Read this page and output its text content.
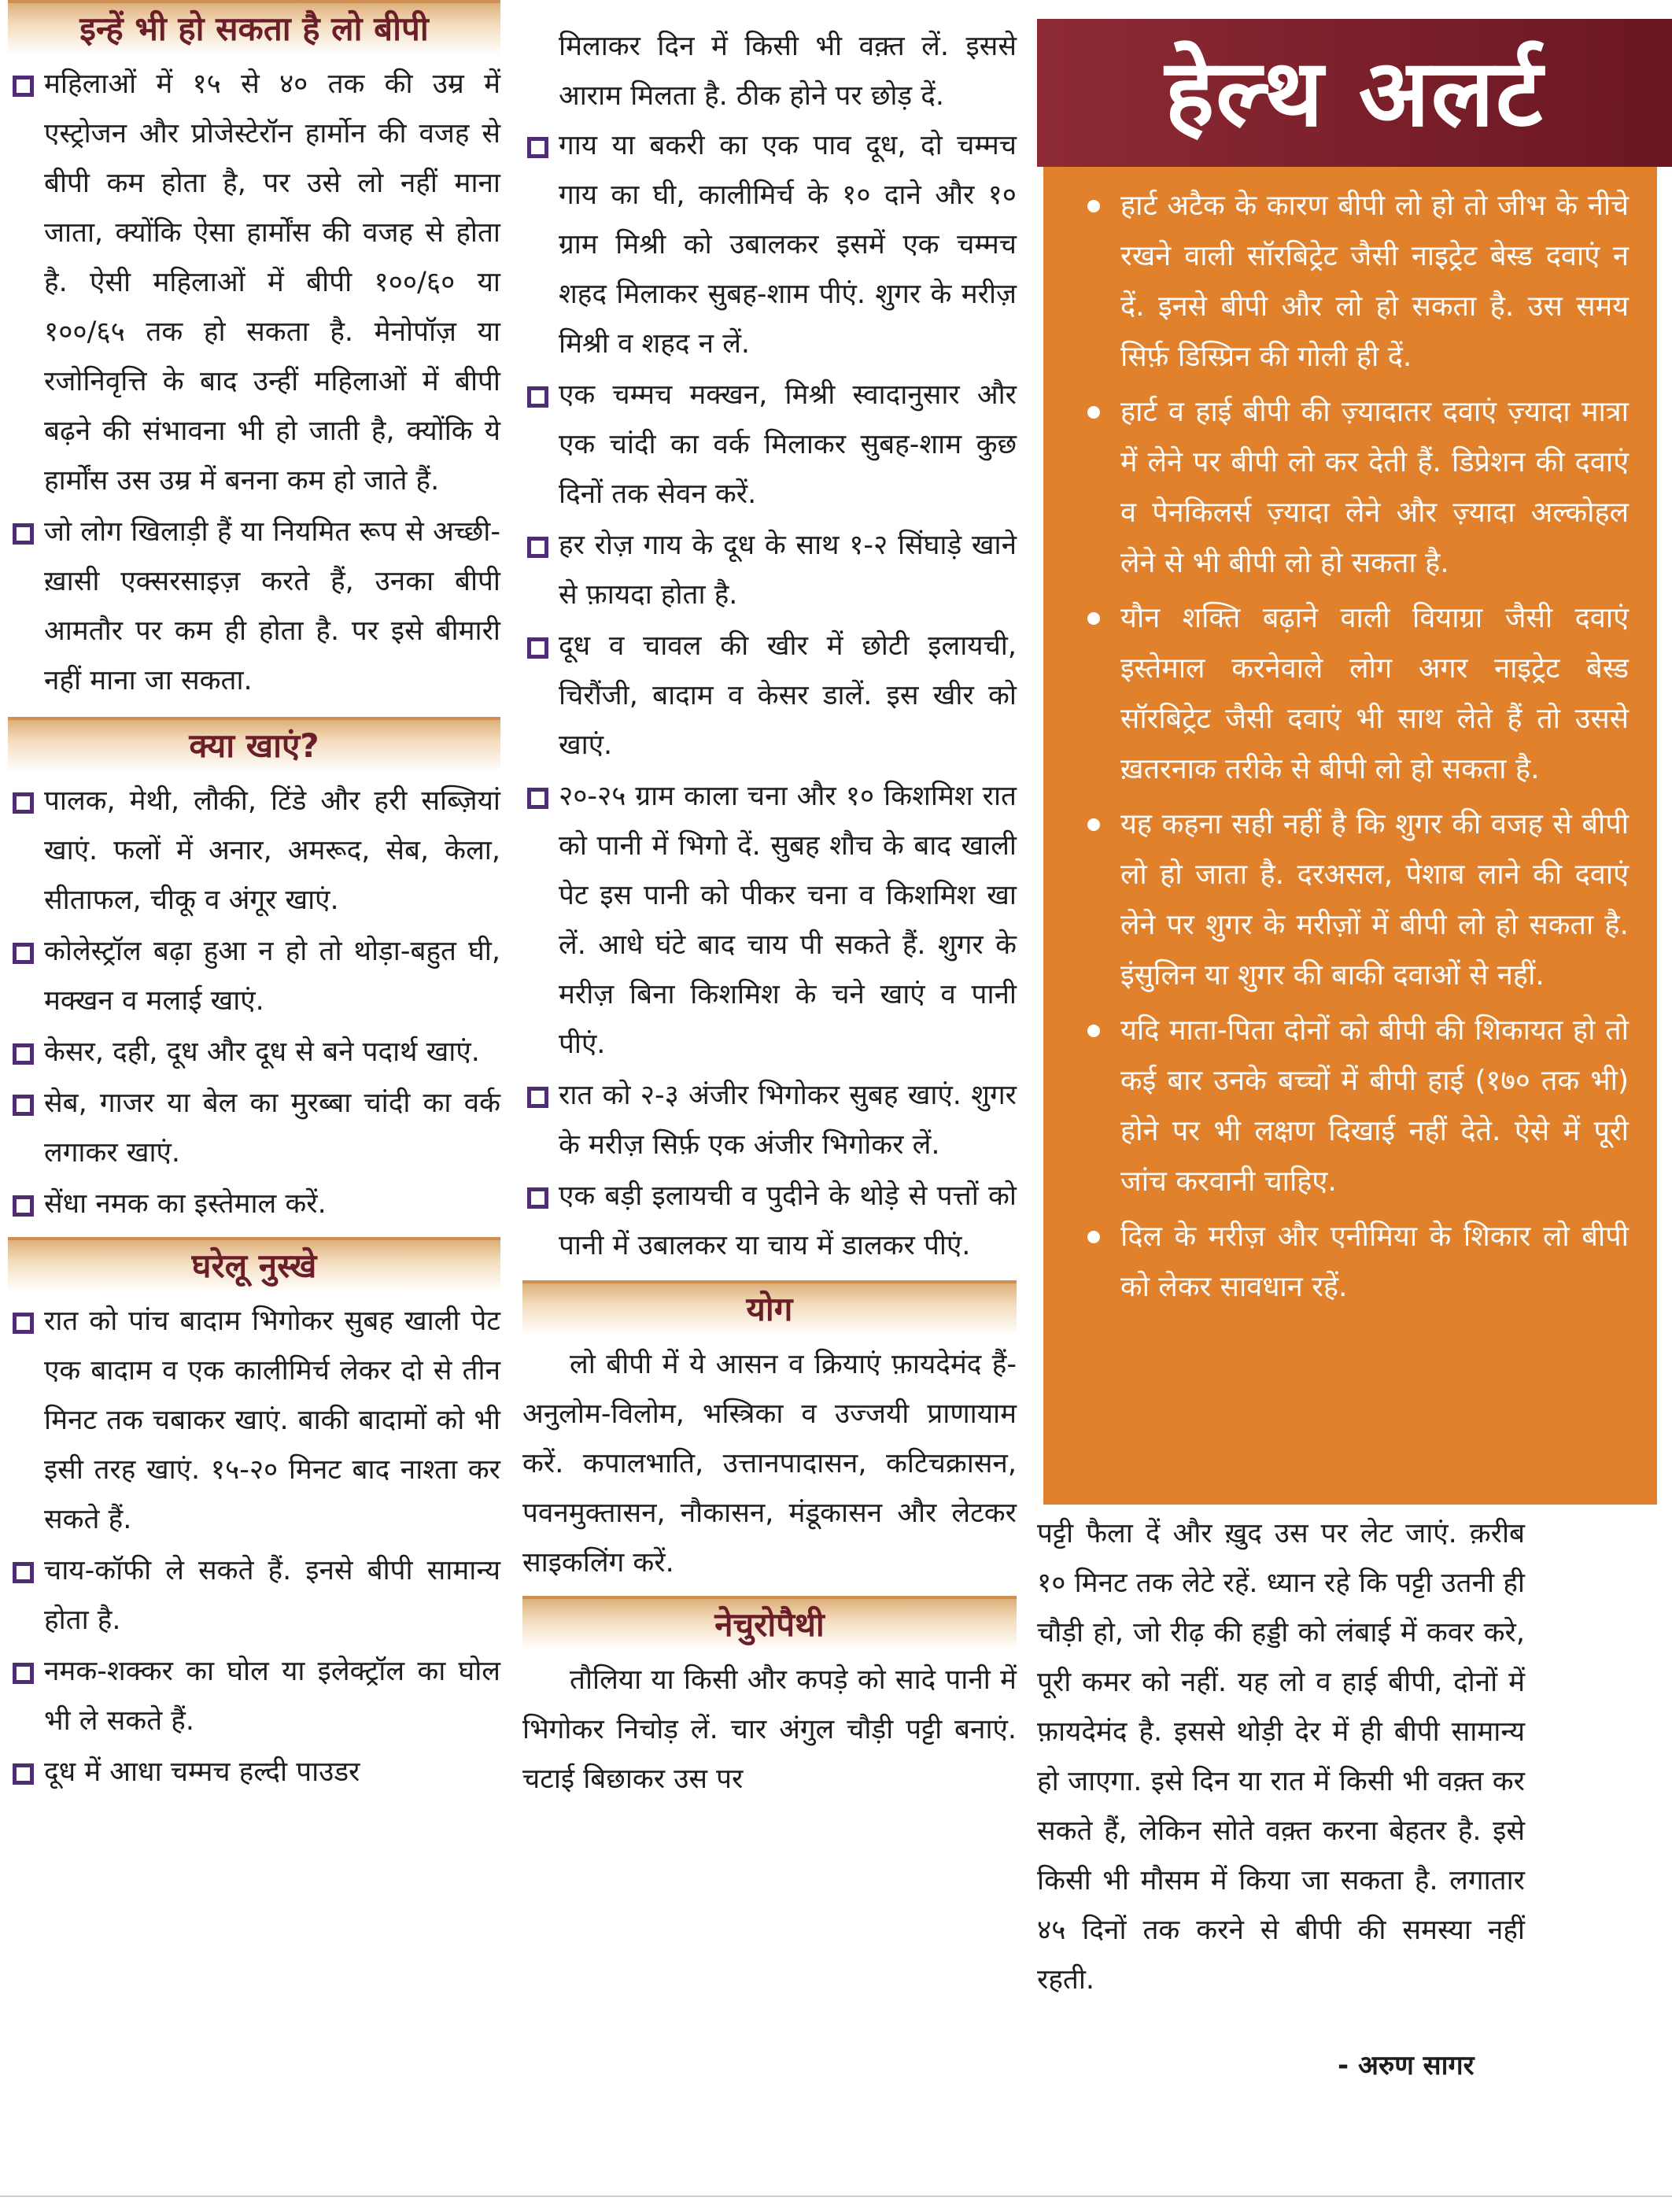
इन्हें भी हो सकता है लो बीपी
महिलाओं में १५ से ४० तक की उम्र में एस्ट्रोजन और प्रोजेस्टेरॉन हार्मोन की वजह से बीपी कम होता है, पर उसे लो नहीं माना जाता, क्योंकि ऐसा हार्मोंस की वजह से होता है. ऐसी महिलाओं में बीपी १००/६० या १००/६५ तक हो सकता है. मेनोपॉज़ या रजोनिवृत्ति के बाद उन्हीं महिलाओं में बीपी बढ़ने की संभावना भी हो जाती है, क्योंकि ये हार्मोंस उस उम्र में बनना कम हो जाते हैं.
जो लोग खिलाड़ी हैं या नियमित रूप से अच्छी-ख़ासी एक्सरसाइज़ करते हैं, उनका बीपी आमतौर पर कम ही होता है. पर इसे बीमारी नहीं माना जा सकता.
क्या खाएं?
पालक, मेथी, लौकी, टिंडे और हरी सब्ज़ियां खाएं. फलों में अनार, अमरूद, सेब, केला, सीताफल, चीकू व अंगूर खाएं.
कोलेस्ट्रॉल बढ़ा हुआ न हो तो थोड़ा-बहुत घी, मक्खन व मलाई खाएं.
केसर, दही, दूध और दूध से बने पदार्थ खाएं.
सेब, गाजर या बेल का मुरब्बा चांदी का वर्क लगाकर खाएं.
सेंधा नमक का इस्तेमाल करें.
घरेलू नुस्खे
रात को पांच बादाम भिगोकर सुबह खाली पेट एक बादाम व एक कालीमिर्च लेकर दो से तीन मिनट तक चबाकर खाएं. बाकी बादामों को भी इसी तरह खाएं. १५-२० मिनट बाद नाश्ता कर सकते हैं.
चाय-कॉफी ले सकते हैं. इनसे बीपी सामान्य होता है.
नमक-शक्कर का घोल या इलेक्ट्रॉल का घोल भी ले सकते हैं.
दूध में आधा चम्मच हल्दी पाउडर

मिलाकर दिन में किसी भी वक़्त लें. इससे आराम मिलता है. ठीक होने पर छोड़ दें.

गाय या बकरी का एक पाव दूध, दो चम्मच गाय का घी, कालीमिर्च के १० दाने और १० ग्राम मिश्री को उबालकर इसमें एक चम्मच शहद मिलाकर सुबह-शाम पीएं. शुगर के मरीज़ मिश्री व शहद न लें.
एक चम्मच मक्खन, मिश्री स्वादानुसार और एक चांदी का वर्क मिलाकर सुबह-शाम कुछ दिनों तक सेवन करें.
हर रोज़ गाय के दूध के साथ १-२ सिंघाड़े खाने से फ़ायदा होता है.
दूध व चावल की खीर में छोटी इलायची, चिरौंजी, बादाम व केसर डालें. इस खीर को खाएं.
२०-२५ ग्राम काला चना और १० किशमिश रात को पानी में भिगो दें. सुबह शौच के बाद खाली पेट इस पानी को पीकर चना व किशमिश खा लें. आधे घंटे बाद चाय पी सकते हैं. शुगर के मरीज़ बिना किशमिश के चने खाएं व पानी पीएं.
रात को २-३ अंजीर भिगोकर सुबह खाएं. शुगर के मरीज़ सिर्फ़ एक अंजीर भिगोकर लें.
एक बड़ी इलायची व पुदीने के थोड़े से पत्तों को पानी में उबालकर या चाय में डालकर पीएं.
योग

लो बीपी में ये आसन व क्रियाएं फ़ायदेमंद हैं- अनुलोम-विलोम, भस्त्रिका व उज्जयी प्राणायाम करें. कपालभाति, उत्तानपादासन, कटिचक्रासन, पवनमुक्तासन, नौकासन, मंडूकासन और लेटकर साइकलिंग करें.

नेचुरोपैथी

तौलिया या किसी और कपड़े को सादे पानी में भिगोकर निचोड़ लें. चार अंगुल चौड़ी पट्टी बनाएं. चटाई बिछाकर उस पर

हेल्थ अलर्ट
हार्ट अटैक के कारण बीपी लो हो तो जीभ के नीचे रखने वाली सॉरबिट्रेट जैसी नाइट्रेट बेस्ड दवाएं न दें. इनसे बीपी और लो हो सकता है. उस समय सिर्फ़ डिस्प्रिन की गोली ही दें.
हार्ट व हाई बीपी की ज़्यादातर दवाएं ज़्यादा मात्रा में लेने पर बीपी लो कर देती हैं. डिप्रेशन की दवाएं व पेनकिलर्स ज़्यादा लेने और ज़्यादा अल्कोहल लेने से भी बीपी लो हो सकता है.
यौन शक्ति बढ़ाने वाली वियाग्रा जैसी दवाएं इस्तेमाल करनेवाले लोग अगर नाइट्रेट बेस्ड सॉरबिट्रेट जैसी दवाएं भी साथ लेते हैं तो उससे ख़तरनाक तरीके से बीपी लो हो सकता है.
यह कहना सही नहीं है कि शुगर की वजह से बीपी लो हो जाता है. दरअसल, पेशाब लाने की दवाएं लेने पर शुगर के मरीज़ों में बीपी लो हो सकता है. इंसुलिन या शुगर की बाकी दवाओं से नहीं.
यदि माता-पिता दोनों को बीपी की शिकायत हो तो कई बार उनके बच्चों में बीपी हाई (१७० तक भी) होने पर भी लक्षण दिखाई नहीं देते. ऐसे में पूरी जांच करवानी चाहिए.
दिल के मरीज़ और एनीमिया के शिकार लो बीपी को लेकर सावधान रहें.

पट्टी फैला दें और ख़ुद उस पर लेट जाएं. क़रीब १० मिनट तक लेटे रहें. ध्यान रहे कि पट्टी उतनी ही चौड़ी हो, जो रीढ़ की हड्डी को लंबाई में कवर करे, पूरी कमर को नहीं. यह लो व हाई बीपी, दोनों में फ़ायदेमंद है. इससे थोड़ी देर में ही बीपी सामान्य हो जाएगा. इसे दिन या रात में किसी भी वक़्त कर सकते हैं, लेकिन सोते वक़्त करना बेहतर है. इसे किसी भी मौसम में किया जा सकता है. लगातार ४५ दिनों तक करने से बीपी की समस्या नहीं रहती.

- अरुण सागर
